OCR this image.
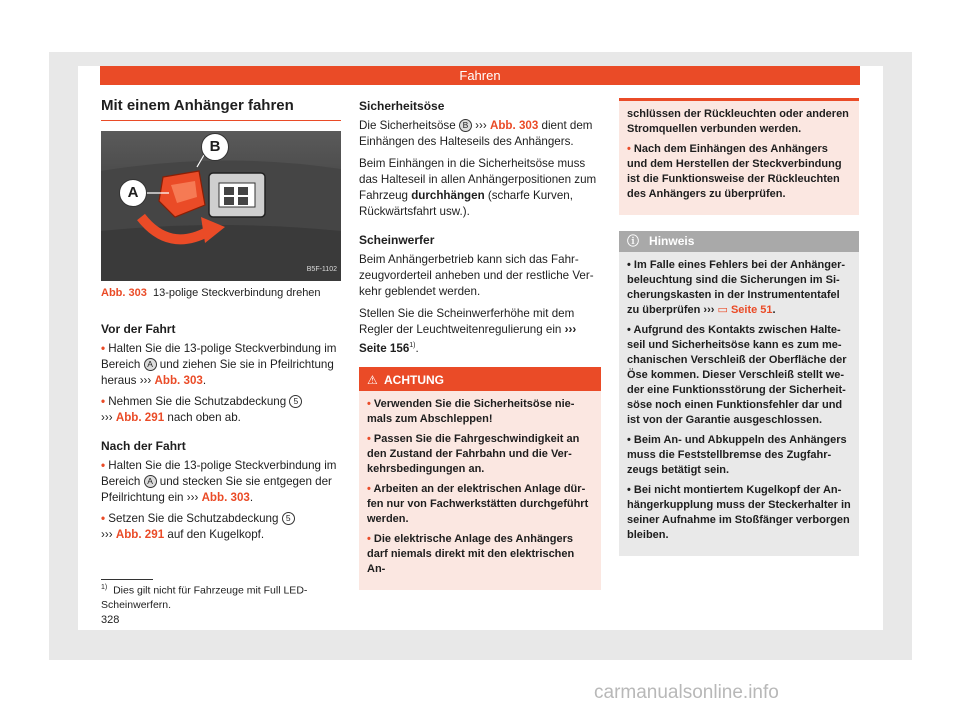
Fahren
Mit einem Anhänger fahren
B
A
B5F-1102
Abb. 303 13-polige Steckverbindung drehen
Vor der Fahrt
• Halten Sie die 13-polige Steckverbindung im Bereich A und ziehen Sie sie in Pfeilrichtung heraus ››› Abb. 303.
• Nehmen Sie die Schutzabdeckung 5
››› Abb. 291 nach oben ab.
Nach der Fahrt
• Halten Sie die 13-polige Steckverbindung im Bereich A und stecken Sie sie entgegen der Pfeilrichtung ein ››› Abb. 303.
• Setzen Sie die Schutzabdeckung 5
››› Abb. 291 auf den Kugelkopf.
Sicherheitsöse

Die Sicherheitsöse B ››› Abb. 303 dient dem Einhängen des Halteseils des Anhängers.

Beim Einhängen in die Sicherheitsöse muss das Halteseil in allen Anhängerpositionen zum Fahrzeug durchhängen (scharfe Kurven, Rückwärtsfahrt usw.).

Scheinwerfer

Beim Anhängerbetrieb kann sich das Fahrzeugvorderteil anheben und der restliche Verkehr geblendet werden.

Stellen Sie die Scheinwerferhöhe mit dem Regler der Leuchtweitenregulierung ein ››› Seite 156$^{1)}$.

⚠ ACHTUNG
• Verwenden Sie die Sicherheitsöse niemals zum Abschleppen!
• Passen Sie die Fahrgeschwindigkeit an den Zustand der Fahrbahn und die Verkehrsbedingungen an.
• Arbeiten an der elektrischen Anlage dürfen nur von Fachwerkstätten durchgeführt werden.
• Die elektrische Anlage des Anhängers darf niemals direkt mit den elektrischen An-
schlüssen der Rückleuchten oder anderen Stromquellen verbunden werden.
• Nach dem Einhängen des Anhängers und dem Herstellen der Steckverbindung ist die Funktionsweise der Rückleuchten des Anhängers zu überprüfen.
ⓘ Hinweis
• Im Falle eines Fehlers bei der Anhängerbeleuchtung sind die Sicherungen im Sicherungskasten in der Instrumententafel zu überprüfen ››› ▭ Seite 51.
• Aufgrund des Kontakts zwischen Halteseil und Sicherheitsöse kann es zum mechanischen Verschleiß der Oberfläche der Öse kommen. Dieser Verschleiß stellt weder eine Funktionsstörung der Sicherheitsöse noch einen Funktionsfehler dar und ist von der Garantie ausgeschlossen.
• Beim An- und Abkuppeln des Anhängers muss die Feststellbremse des Zugfahrzeugs betätigt sein.
• Bei nicht montiertem Kugelkopf der Anhängerkupplung muss der Steckerhalter in seiner Aufnahme im Stoßfänger verborgen bleiben.
$^{1)}$ Dies gilt nicht für Fahrzeuge mit Full LED-Scheinwerfern.
328
carmanualsonline.info
